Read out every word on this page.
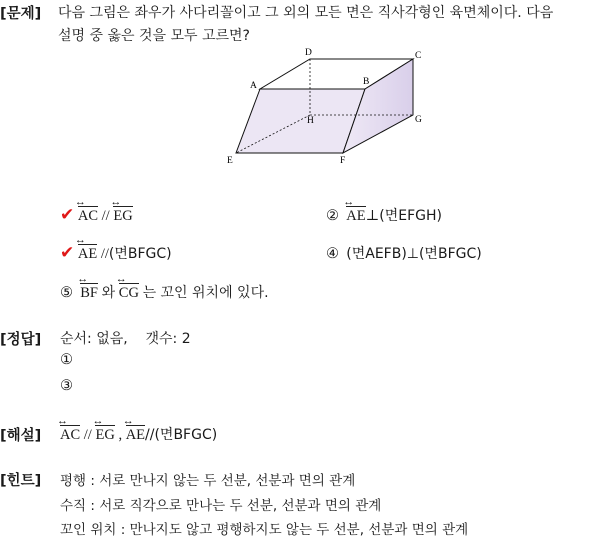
[문제] 다음 그림은 좌우가 사다리꼴이고 그 외의 모든 면은 직사각형인 육면체이다. 다음
설명 중 옳은 것을 모두 고르면?
D	C
A	B
H	G
E	F
✔ AC ↔ // EG ↔	② AE ↔⊥(면EFGH)
✔ AE ↔ //(면BFGC)	④ (면AEFB)⊥(면BFGC)
⑤ BF ↔ 와 CG ↔ 는 꼬인 위치에 있다.
[정답] 순서: 없음,    갯수: 2
①
③
[해설] AC ↔ // EG ↔ , AE ↔//(면BFGC)
[힌트] 평행 : 서로 만나지 않는 두 선분, 선분과 면의 관계
수직 : 서로 직각으로 만나는 두 선분, 선분과 면의 관계
꼬인 위치 : 만나지도 않고 평행하지도 않는 두 선분, 선분과 면의 관계
